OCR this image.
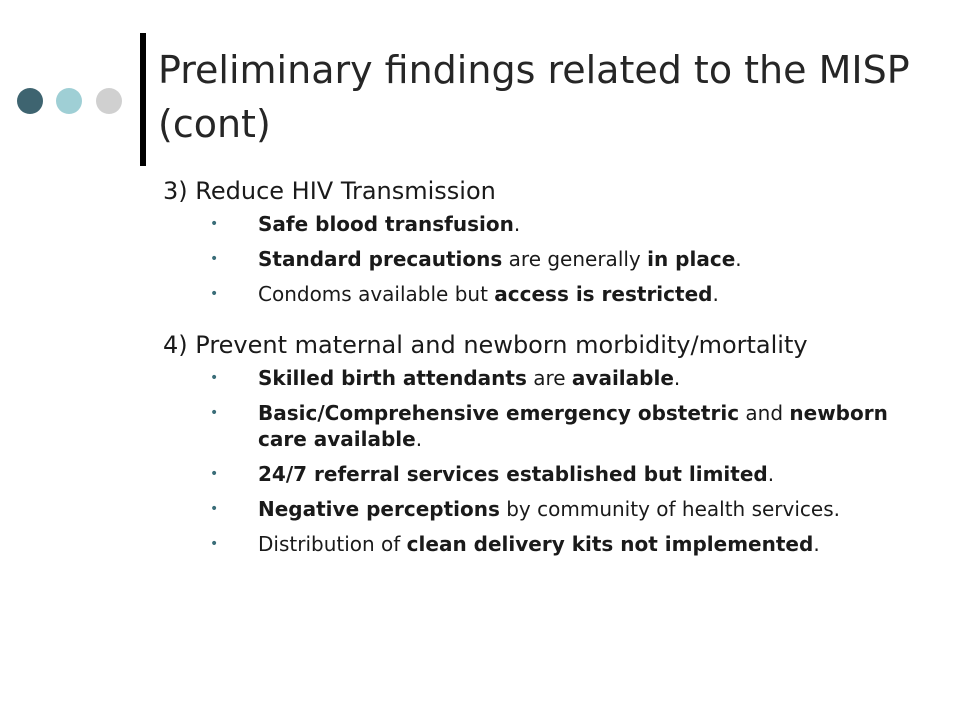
Preliminary findings related to the MISP (cont)

3) Reduce HIV Transmission

• Safe blood transfusion.
• Standard precautions are generally in place.
• Condoms available but access is restricted.

4) Prevent maternal and newborn morbidity/mortality

• Skilled birth attendants are available.
• Basic/Comprehensive emergency obstetric and newborn care available.
• 24/7 referral services established but limited.
• Negative perceptions by community of health services.
• Distribution of clean delivery kits not implemented.
